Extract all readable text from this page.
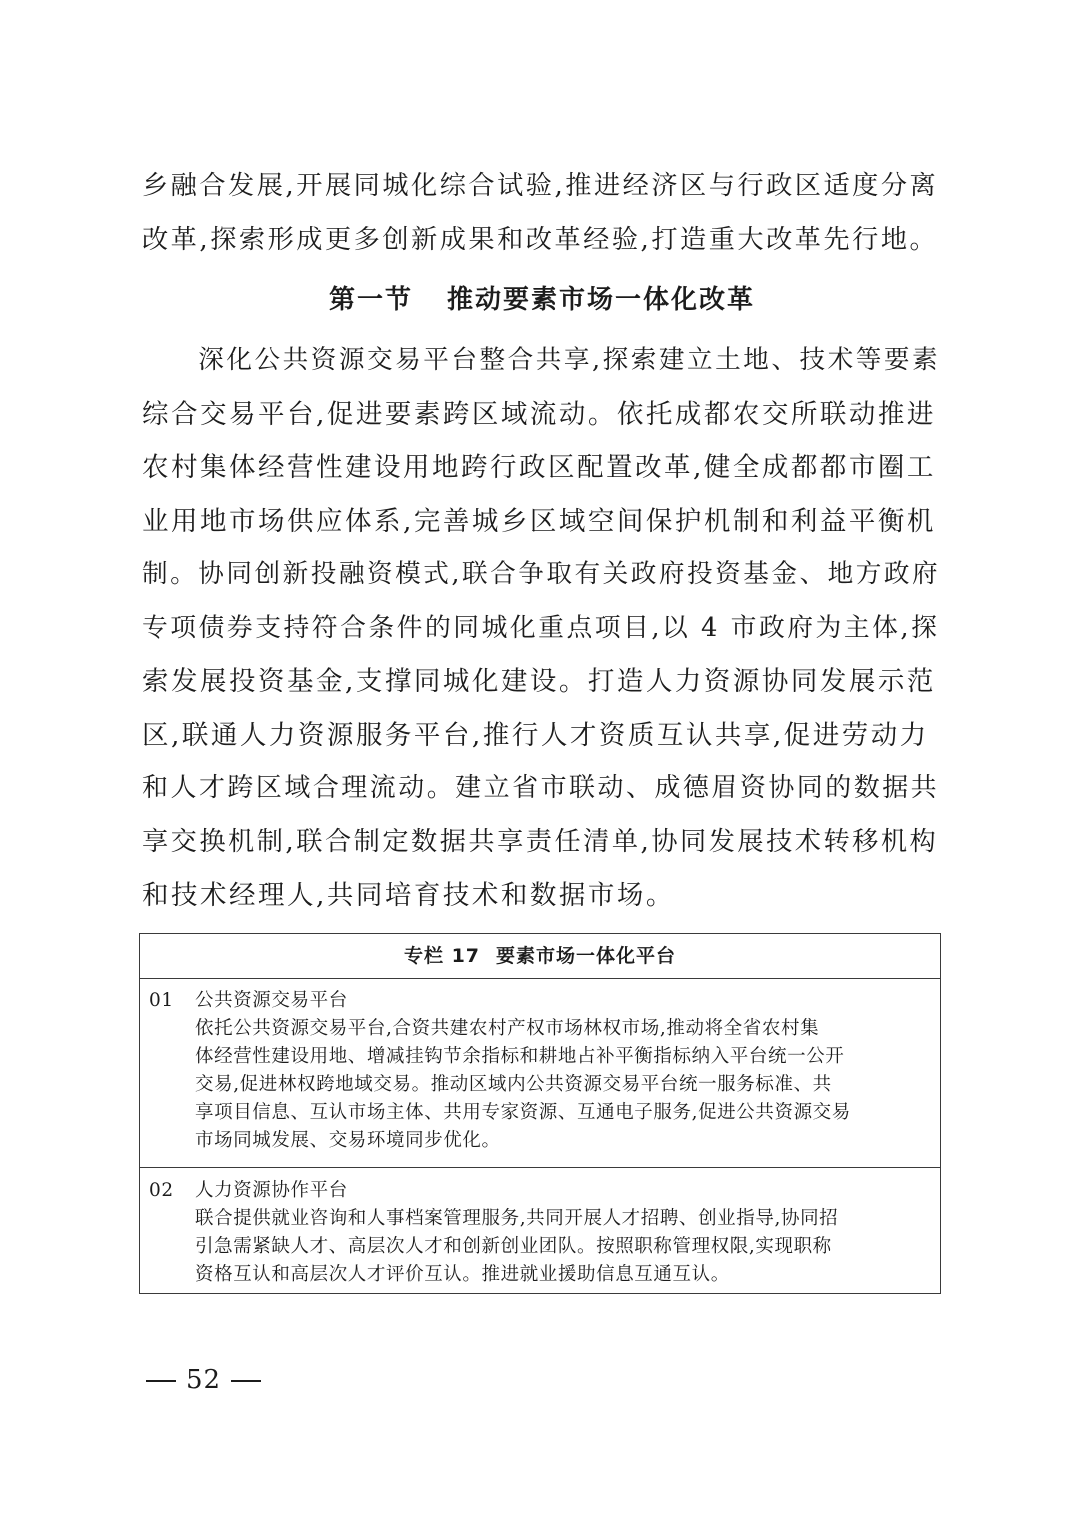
乡融合发展,开展同城化综合试验,推进经济区与行政区适度分离
改革,探索形成更多创新成果和改革经验,打造重大改革先行地。
第一节 推动要素市场一体化改革
　　深化公共资源交易平台整合共享,探索建立土地、技术等要素
综合交易平台,促进要素跨区域流动。依托成都农交所联动推进
农村集体经营性建设用地跨行政区配置改革,健全成都都市圈工
业用地市场供应体系,完善城乡区域空间保护机制和利益平衡机
制。协同创新投融资模式,联合争取有关政府投资基金、地方政府
专项债券支持符合条件的同城化重点项目,以 4 市政府为主体,探
索发展投资基金,支撑同城化建设。打造人力资源协同发展示范
区,联通人力资源服务平台,推行人才资质互认共享,促进劳动力
和人才跨区域合理流动。建立省市联动、成德眉资协同的数据共
享交换机制,联合制定数据共享责任清单,协同发展技术转移机构
和技术经理人,共同培育技术和数据市场。
专栏 17 要素市场一体化平台
01 公共资源交易平台
依托公共资源交易平台,合资共建农村产权市场林权市场,推动将全省农村集
体经营性建设用地、增减挂钩节余指标和耕地占补平衡指标纳入平台统一公开
交易,促进林权跨地域交易。推动区域内公共资源交易平台统一服务标准、共
享项目信息、互认市场主体、共用专家资源、互通电子服务,促进公共资源交易
市场同城发展、交易环境同步优化。
02 人力资源协作平台
联合提供就业咨询和人事档案管理服务,共同开展人才招聘、创业指导,协同招
引急需紧缺人才、高层次人才和创新创业团队。按照职称管理权限,实现职称
资格互认和高层次人才评价互认。推进就业援助信息互通互认。
52
